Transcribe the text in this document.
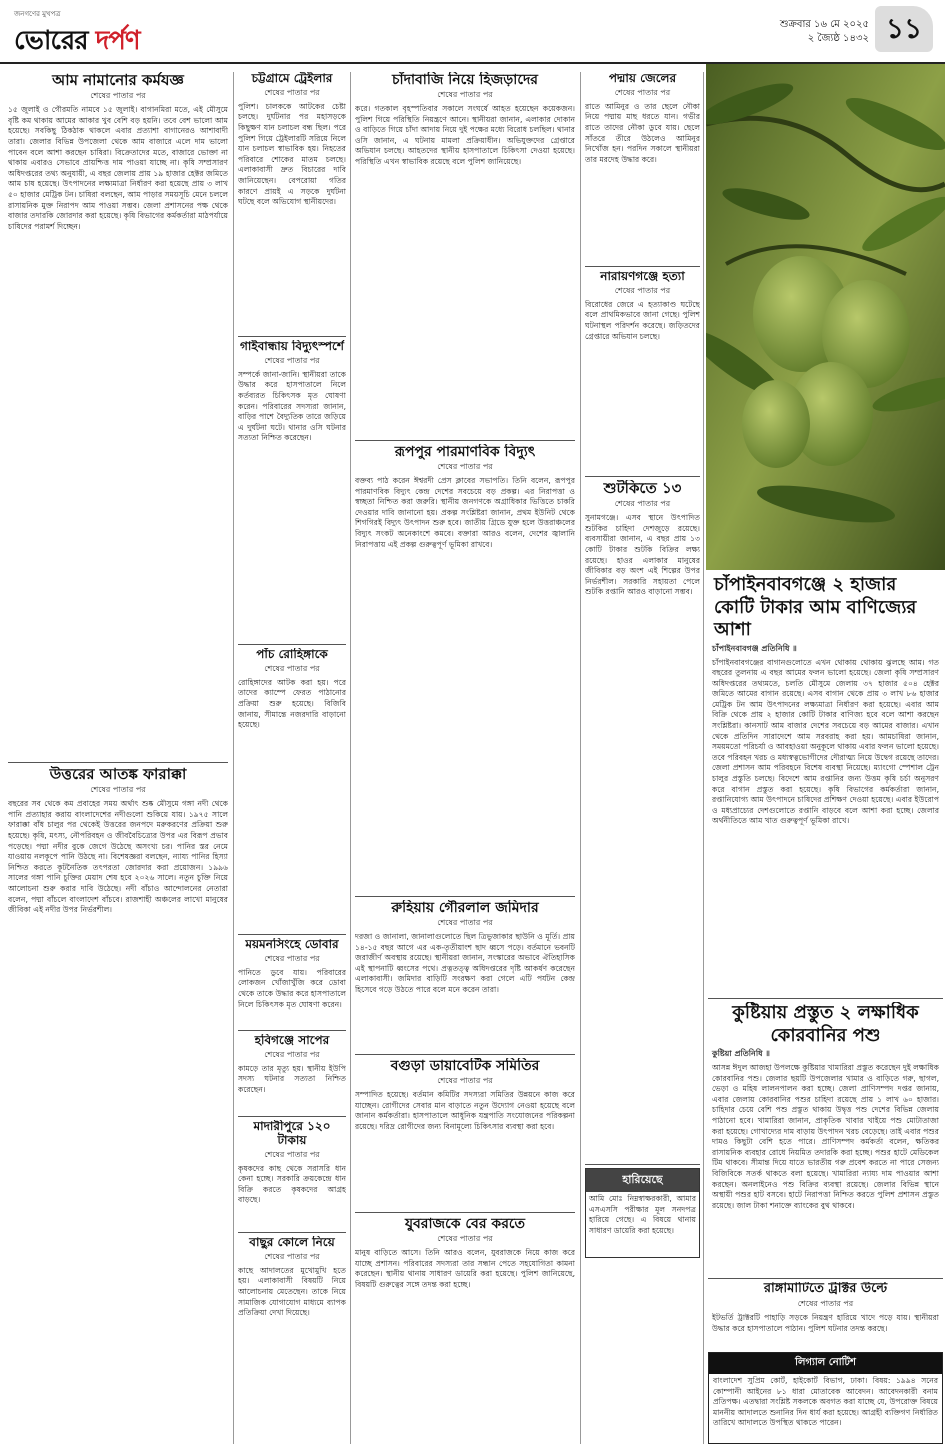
জনগণের মুখপত্র
ভোরের দর্পণ
শুক্রবার ১৬ মে ২০২৫
২ জ্যৈষ্ঠ ১৪৩২ ১১
আম নামানোর কর্মযজ্ঞ
শেষের পাতার পর
১৫ জুলাই ও গৌরমতি নামবে ১৫ জুলাই। বাগানমিরা মতে, এই মৌসুমে বৃষ্টি কম থাকায় আমের আকার খুব বেশি বড় হয়নি। তবে বেশ ভালো আম হয়েছে। সবকিছু ঠিকঠাক থাকলে এবার প্রত্যাশা বাগানেরও আশাবাদী তারা। জেলার বিভিন্ন উপজেলা থেকে আম বাজারে এলে দাম ভালো পাবেন বলে আশা করছেন চাষিরা। বিক্রেতাদের মতে, বাজারে ভোক্তা না থাকায় এবারও সেভাবে প্রায়শ্চিত্ত দাম পাওয়া যাচ্ছে না। কৃষি সম্প্রসারণ অধিদপ্তরের তথ্য অনুযায়ী, এ বছর জেলায় প্রায় ১৯ হাজার হেক্টর জমিতে আম চাষ হয়েছে। উৎপাদনের লক্ষ্যমাত্রা নির্ধারণ করা হয়েছে প্রায় ৩ লাখ ৫০ হাজার মেট্রিক টন। চাষিরা বলছেন, আম পাড়ার সময়সূচি মেনে চললে রাসায়নিক মুক্ত নিরাপদ আম পাওয়া সম্ভব। জেলা প্রশাসনের পক্ষ থেকে বাজার তদারকি জোরদার করা হয়েছে। কৃষি বিভাগের কর্মকর্তারা মাঠপর্যায়ে চাষিদের পরামর্শ দিচ্ছেন।
উত্তরের আতঙ্ক ফারাক্কা
শেষের পাতার পর
বছরের সব থেকে কম প্রবাহের সময় অর্থাৎ শুষ্ক মৌসুমে গঙ্গা নদী থেকে পানি প্রত্যাহার করায় বাংলাদেশের নদীগুলো শুকিয়ে যায়। ১৯৭৫ সালে ফারাক্কা বাঁধ চালুর পর থেকেই উত্তরের জনপদে মরুকরণের প্রক্রিয়া শুরু হয়েছে। কৃষি, মৎস্য, নৌপরিবহন ও জীববৈচিত্র্যের উপর এর বিরূপ প্রভাব পড়েছে। পদ্মা নদীর বুকে জেগে উঠেছে অসংখ্য চর। পানির স্তর নেমে যাওয়ায় নলকূপে পানি উঠছে না। বিশেষজ্ঞরা বলছেন, ন্যায্য পানির হিস্যা নিশ্চিত করতে কূটনৈতিক তৎপরতা জোরদার করা প্রয়োজন। ১৯৯৬ সালের গঙ্গা পানি চুক্তির মেয়াদ শেষ হবে ২০২৬ সালে। নতুন চুক্তি নিয়ে আলোচনা শুরু করার দাবি উঠেছে। নদী বাঁচাও আন্দোলনের নেতারা বলেন, পদ্মা বাঁচলে বাংলাদেশ বাঁচবে। রাজশাহী অঞ্চলের লাখো মানুষের জীবিকা এই নদীর উপর নির্ভরশীল।
চট্টগ্রামে ট্রেইলার
শেষের পাতার পর
পুলিশ। চালককে আটকের চেষ্টা চলছে। দুর্ঘটনার পর মহাসড়কে কিছুক্ষণ যান চলাচল বন্ধ ছিল। পরে পুলিশ গিয়ে ট্রেইলারটি সরিয়ে নিলে যান চলাচল স্বাভাবিক হয়। নিহতের পরিবারে শোকের মাতম চলছে। এলাকাবাসী দ্রুত বিচারের দাবি জানিয়েছেন। বেপরোয়া গতির কারণে প্রায়ই এ সড়কে দুর্ঘটনা ঘটছে বলে অভিযোগ স্থানীয়দের।
গাইবান্ধায় বিদ্যুৎস্পর্শে
শেষের পাতার পর
সম্পর্কে জানা-জানি। স্থানীয়রা তাকে উদ্ধার করে হাসপাতালে নিলে কর্তব্যরত চিকিৎসক মৃত ঘোষণা করেন। পরিবারের সদস্যরা জানান, বাড়ির পাশে বৈদ্যুতিক তারে জড়িয়ে এ দুর্ঘটনা ঘটে। থানার ওসি ঘটনার সত্যতা নিশ্চিত করেছেন।
পাঁচ রোহিঙ্গাকে
শেষের পাতার পর
রোহিঙ্গাদের আটক করা হয়। পরে তাদের ক্যাম্পে ফেরত পাঠানোর প্রক্রিয়া শুরু হয়েছে। বিজিবি জানায়, সীমান্তে নজরদারি বাড়ানো হয়েছে।
ময়মনসিংহে ডোবার
শেষের পাতার পর
পানিতে ডুবে যায়। পরিবারের লোকজন খোঁজাখুঁজি করে ডোবা থেকে তাকে উদ্ধার করে হাসপাতালে নিলে চিকিৎসক মৃত ঘোষণা করেন।
হবিগঞ্জে সাপের
শেষের পাতার পর
কামড়ে তার মৃত্যু হয়। স্থানীয় ইউপি সদস্য ঘটনার সত্যতা নিশ্চিত করেছেন।
মাদারীপুরে ১২০ টাকায়
শেষের পাতার পর
কৃষকদের কাছ থেকে সরাসরি ধান কেনা হচ্ছে। সরকারি ক্রয়কেন্দ্রে ধান বিক্রি করতে কৃষকদের আগ্রহ বাড়ছে।
বাছুর কোলে নিয়ে
শেষের পাতার পর
কাছে আদালতের মুখোমুখি হতে হয়। এলাকাবাসী বিষয়টি নিয়ে আলোচনায় মেতেছেন। তাকে নিয়ে সামাজিক যোগাযোগ মাধ্যমে ব্যাপক প্রতিক্রিয়া দেখা দিয়েছে।
চাঁদাবাজি নিয়ে হিজড়াদের
শেষের পাতার পর
করে। গতকাল বৃহস্পতিবার সকালে সংঘর্ষে আহত হয়েছেন কয়েকজন। পুলিশ গিয়ে পরিস্থিতি নিয়ন্ত্রণে আনে। স্থানীয়রা জানান, এলাকার দোকান ও বাড়িতে গিয়ে চাঁদা আদায় নিয়ে দুই পক্ষের মধ্যে বিরোধ চলছিল। থানার ওসি জানান, এ ঘটনায় মামলা প্রক্রিয়াধীন। অভিযুক্তদের গ্রেপ্তারে অভিযান চলছে। আহতদের স্থানীয় হাসপাতালে চিকিৎসা দেওয়া হয়েছে। পরিস্থিতি এখন স্বাভাবিক রয়েছে বলে পুলিশ জানিয়েছে।
রূপপুর পারমাণবিক বিদ্যুৎ
শেষের পাতার পর
বক্তব্য পাঠ করেন ঈশ্বরদী প্রেস ক্লাবের সভাপতি। তিনি বলেন, রূপপুর পারমাণবিক বিদ্যুৎ কেন্দ্র দেশের সবচেয়ে বড় প্রকল্প। এর নিরাপত্তা ও স্বচ্ছতা নিশ্চিত করা জরুরি। স্থানীয় জনগণকে অগ্রাধিকার ভিত্তিতে চাকরি দেওয়ার দাবি জানানো হয়। প্রকল্প সংশ্লিষ্টরা জানান, প্রথম ইউনিট থেকে শিগগিরই বিদ্যুৎ উৎপাদন শুরু হবে। জাতীয় গ্রিডে যুক্ত হলে উত্তরাঞ্চলের বিদ্যুৎ সংকট অনেকাংশে কমবে। বক্তারা আরও বলেন, দেশের জ্বালানি নিরাপত্তায় এই প্রকল্প গুরুত্বপূর্ণ ভূমিকা রাখবে।
রুহিয়ায় গৌরলাল জমিদার
শেষের পাতার পর
দরজা ও জানালা, জানালাগুলোতে ছিল ত্রিভুজাকার ছাউনি ও মূর্তি। প্রায় ১৪-১৫ বছর আগে এর এক-তৃতীয়াংশ ছাদ ধ্বসে পড়ে। বর্তমানে ভবনটি জরাজীর্ণ অবস্থায় রয়েছে। স্থানীয়রা জানান, সংস্কারের অভাবে ঐতিহাসিক এই স্থাপনাটি ধ্বংসের পথে। প্রত্নতত্ত্ব অধিদপ্তরের দৃষ্টি আকর্ষণ করেছেন এলাকাবাসী। জমিদার বাড়িটি সংরক্ষণ করা গেলে এটি পর্যটন কেন্দ্র হিসেবে গড়ে উঠতে পারে বলে মনে করেন তারা।
বগুড়া ডায়াবেটিক সমিতির
শেষের পাতার পর
সম্পাদিত হয়েছে। বর্তমান কমিটির সদস্যরা সমিতির উন্নয়নে কাজ করে যাচ্ছেন। রোগীদের সেবার মান বাড়াতে নতুন উদ্যোগ নেওয়া হয়েছে বলে জানান কর্মকর্তারা। হাসপাতালে আধুনিক যন্ত্রপাতি সংযোজনের পরিকল্পনা রয়েছে। দরিদ্র রোগীদের জন্য বিনামূল্যে চিকিৎসার ব্যবস্থা করা হবে।
যুবরাজকে বের করতে
শেষের পাতার পর
মানুষ বাড়িতে আসে। তিনি আরও বলেন, যুবরাজকে নিয়ে কাজ করে যাচ্ছে প্রশাসন। পরিবারের সদস্যরা তার সন্ধান পেতে সহযোগিতা কামনা করেছেন। স্থানীয় থানায় সাধারণ ডায়েরি করা হয়েছে। পুলিশ জানিয়েছে, বিষয়টি গুরুত্বের সঙ্গে তদন্ত করা হচ্ছে।
পদ্মায় জেলের
শেষের পাতার পর
রাতে আমিনুর ও তার ছেলে নৌকা নিয়ে পদ্মায় মাছ ধরতে যান। গভীর রাতে তাদের নৌকা ডুবে যায়। ছেলে সাঁতরে তীরে উঠলেও আমিনুর নিখোঁজ হন। পরদিন সকালে স্থানীয়রা তার মরদেহ উদ্ধার করে।
নারায়ণগঞ্জে হত্যা
শেষের পাতার পর
বিরোধের জেরে এ হত্যাকাণ্ড ঘটেছে বলে প্রাথমিকভাবে জানা গেছে। পুলিশ ঘটনাস্থল পরিদর্শন করেছে। জড়িতদের গ্রেপ্তারে অভিযান চলছে।
শুটকিতে ১৩
শেষের পাতার পর
সুনামগঞ্জে। এসব স্থানে উৎপাদিত শুটকির চাহিদা দেশজুড়ে রয়েছে। ব্যবসায়ীরা জানান, এ বছর প্রায় ১৩ কোটি টাকার শুটকি বিক্রির লক্ষ্য রয়েছে। হাওর এলাকার মানুষের জীবিকার বড় অংশ এই শিল্পের উপর নির্ভরশীল। সরকারি সহায়তা পেলে শুটকি রপ্তানি আরও বাড়ানো সম্ভব।
হারিয়েছে
আমি মোঃ নিম্নস্বাক্ষরকারী, আমার এসএসসি পরীক্ষার মূল সনদপত্র হারিয়ে গেছে। এ বিষয়ে থানায় সাধারণ ডায়েরি করা হয়েছে।
চাঁপাইনবাবগঞ্জে ২ হাজার কোটি টাকার আম বাণিজ্যের আশা
চাঁপাইনবাবগঞ্জ প্রতিনিধি ॥
চাঁপাইনবাবগঞ্জের বাগানগুলোতে এখন থোকায় থোকায় ঝুলছে আম। গত বছরের তুলনায় এ বছর আমের ফলন ভালো হয়েছে। জেলা কৃষি সম্প্রসারণ অধিদপ্তরের তথ্যমতে, চলতি মৌসুমে জেলায় ৩৭ হাজার ৫০৪ হেক্টর জমিতে আমের বাগান রয়েছে। এসব বাগান থেকে প্রায় ৩ লাখ ৮৬ হাজার মেট্রিক টন আম উৎপাদনের লক্ষ্যমাত্রা নির্ধারণ করা হয়েছে। এবার আম বিক্রি থেকে প্রায় ২ হাজার কোটি টাকার বাণিজ্য হবে বলে আশা করছেন সংশ্লিষ্টরা। কানসাট আম বাজার দেশের সবচেয়ে বড় আমের বাজার। এখান থেকে প্রতিদিন সারাদেশে আম সরবরাহ করা হয়। আমচাষিরা জানান, সময়মতো পরিচর্যা ও আবহাওয়া অনুকূলে থাকায় এবার ফলন ভালো হয়েছে। তবে পরিবহন খরচ ও মধ্যস্বত্বভোগীদের দৌরাত্ম্য নিয়ে উদ্বেগ রয়েছে তাদের। জেলা প্রশাসন আম পরিবহনে বিশেষ ব্যবস্থা নিয়েছে। ম্যাংগো স্পেশাল ট্রেন চালুর প্রস্তুতি চলছে। বিদেশে আম রপ্তানির জন্য উত্তম কৃষি চর্চা অনুসরণ করে বাগান প্রস্তুত করা হয়েছে। কৃষি বিভাগের কর্মকর্তারা জানান, রপ্তানিযোগ্য আম উৎপাদনে চাষিদের প্রশিক্ষণ দেওয়া হয়েছে। এবার ইউরোপ ও মধ্যপ্রাচ্যের দেশগুলোতে রপ্তানি বাড়বে বলে আশা করা হচ্ছে। জেলার অর্থনীতিতে আম খাত গুরুত্বপূর্ণ ভূমিকা রাখে।
কুষ্টিয়ায় প্রস্তুত ২ লক্ষাধিক কোরবানির পশু
কুষ্টিয়া প্রতিনিধি ॥
আসন্ন ঈদুল আজহা উপলক্ষে কুষ্টিয়ার খামারিরা প্রস্তুত করেছেন দুই লক্ষাধিক কোরবানির পশু। জেলার ছয়টি উপজেলার খামার ও বাড়িতে গরু, ছাগল, ভেড়া ও মহিষ লালনপালন করা হচ্ছে। জেলা প্রাণিসম্পদ দপ্তর জানায়, এবার জেলায় কোরবানির পশুর চাহিদা রয়েছে প্রায় ১ লাখ ৬০ হাজার। চাহিদার চেয়ে বেশি পশু প্রস্তুত থাকায় উদ্বৃত্ত পশু দেশের বিভিন্ন জেলায় পাঠানো হবে। খামারিরা জানান, প্রাকৃতিক খাবার খাইয়ে পশু মোটাতাজা করা হয়েছে। গোখাদ্যের দাম বাড়ায় উৎপাদন খরচ বেড়েছে। তাই এবার পশুর দামও কিছুটা বেশি হতে পারে। প্রাণিসম্পদ কর্মকর্তা বলেন, ক্ষতিকর রাসায়নিক ব্যবহার রোধে নিয়মিত তদারকি করা হচ্ছে। পশুর হাটে মেডিকেল টিম থাকবে। সীমান্ত দিয়ে যাতে ভারতীয় গরু প্রবেশ করতে না পারে সেজন্য বিজিবিকে সতর্ক থাকতে বলা হয়েছে। খামারিরা ন্যায্য দাম পাওয়ার আশা করছেন। অনলাইনেও পশু বিক্রির ব্যবস্থা রয়েছে। জেলার বিভিন্ন স্থানে অস্থায়ী পশুর হাট বসবে। হাটে নিরাপত্তা নিশ্চিত করতে পুলিশ প্রশাসন প্রস্তুত রয়েছে। জাল টাকা শনাক্তে ব্যাংকের বুথ থাকবে।
রাঙ্গামাটিতে ট্রাক্টর উল্টে
শেষের পাতার পর
ইটভর্তি ট্রাক্টরটি পাহাড়ি সড়কে নিয়ন্ত্রণ হারিয়ে খাদে পড়ে যায়। স্থানীয়রা উদ্ধার করে হাসপাতালে পাঠান। পুলিশ ঘটনার তদন্ত করছে।
লিগ্যাল নোটিশ
বাংলাদেশ সুপ্রিম কোর্ট, হাইকোর্ট বিভাগ, ঢাকা। বিষয়: ১৯৯৪ সনের কোম্পানী আইনের ৮১ ধারা মোতাবেক আবেদন। আবেদনকারী বনাম প্রতিপক্ষ। এতদ্বারা সংশ্লিষ্ট সকলকে অবগত করা যাচ্ছে যে, উপরোক্ত বিষয়ে মাননীয় আদালতে শুনানির দিন ধার্য করা হয়েছে। আগ্রহী ব্যক্তিগণ নির্ধারিত তারিখে আদালতে উপস্থিত থাকতে পারেন।
